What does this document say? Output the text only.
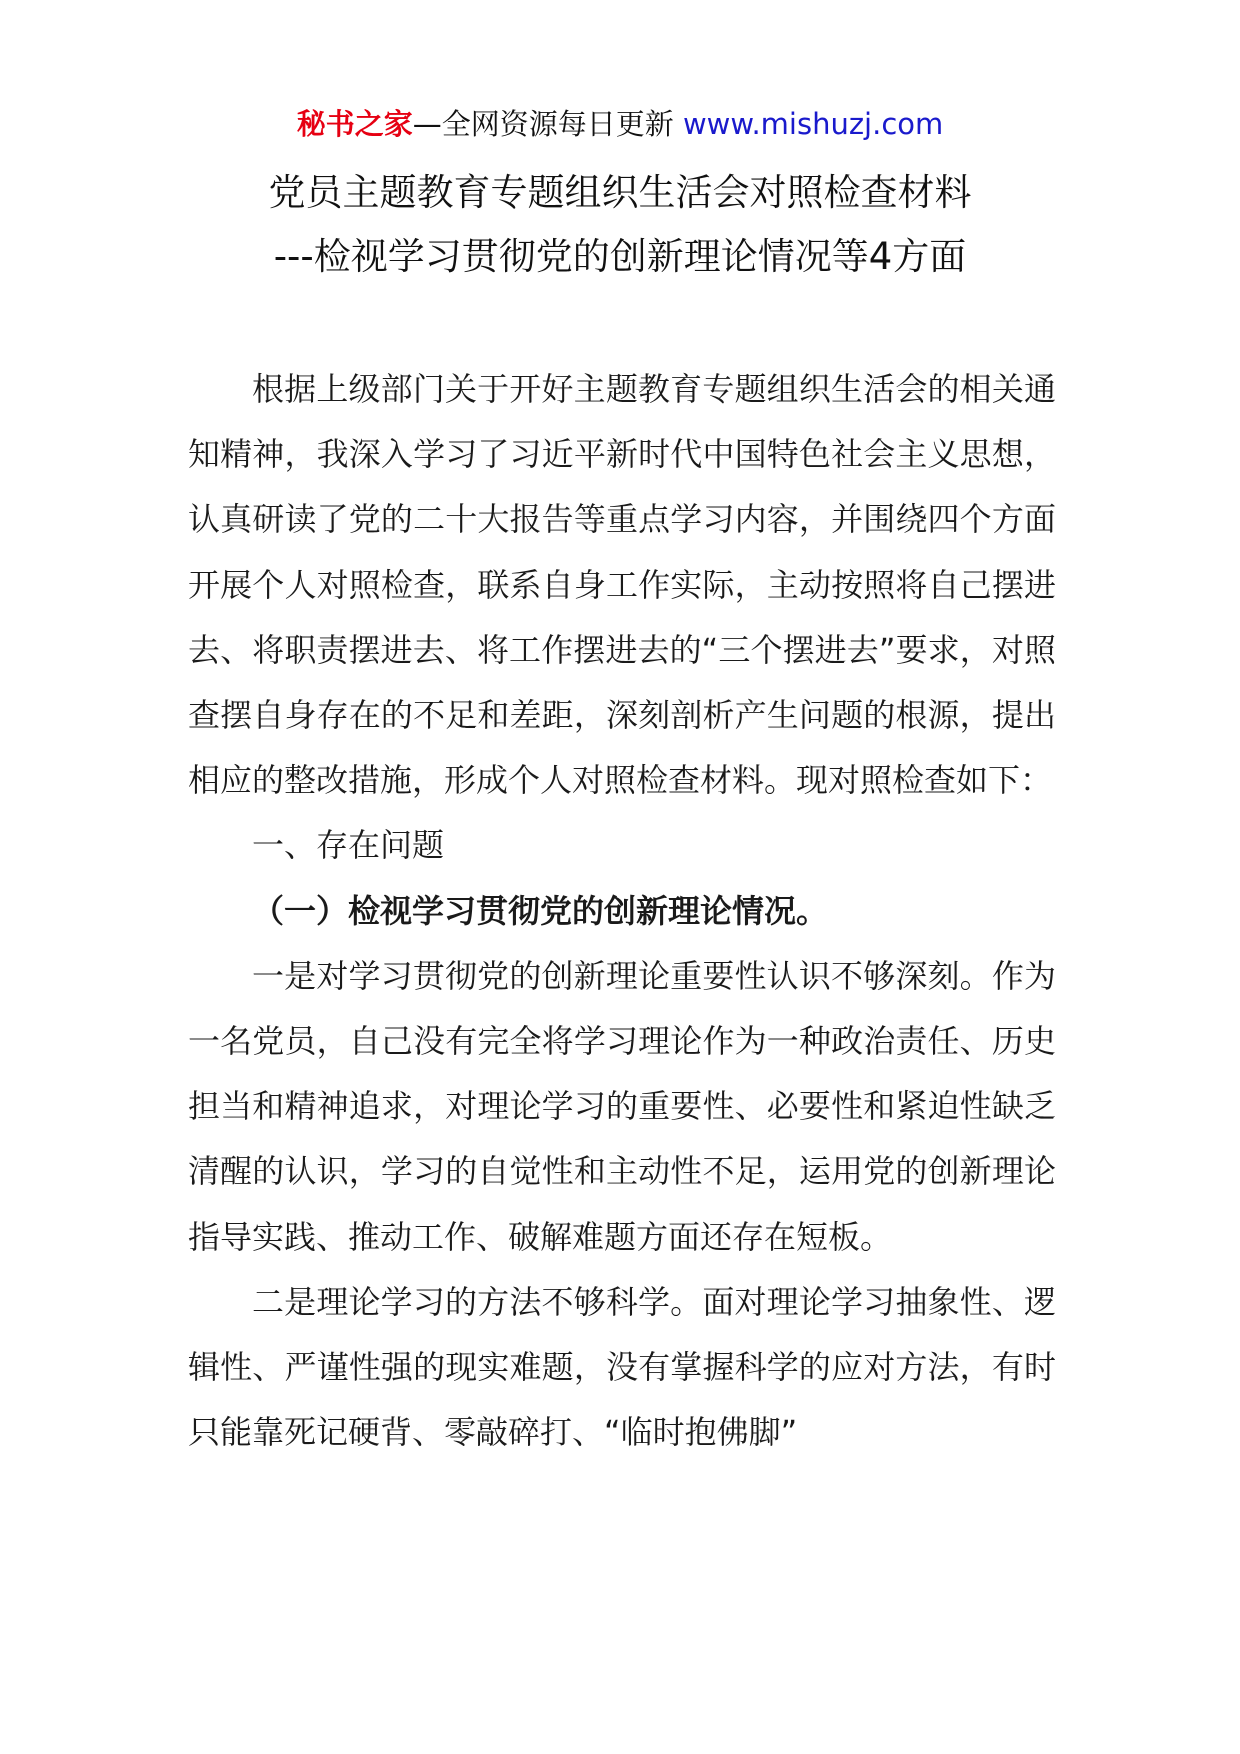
秘书之家—全网资源每日更新 www.mishuzj.com
党员主题教育专题组织生活会对照检查材料
---检视学习贯彻党的创新理论情况等4方面

根据上级部门关于开好主题教育专题组织生活会的相关通知精神，我深入学习了习近平新时代中国特色社会主义思想，认真研读了党的二十大报告等重点学习内容，并围绕四个方面开展个人对照检查，联系自身工作实际，主动按照将自己摆进去、将职责摆进去、将工作摆进去的“三个摆进去”要求，对照查摆自身存在的不足和差距，深刻剖析产生问题的根源，提出相应的整改措施，形成个人对照检查材料。现对照检查如下：

一、存在问题
（一）检视学习贯彻党的创新理论情况。

一是对学习贯彻党的创新理论重要性认识不够深刻。作为一名党员，自己没有完全将学习理论作为一种政治责任、历史担当和精神追求，对理论学习的重要性、必要性和紧迫性缺乏清醒的认识，学习的自觉性和主动性不足，运用党的创新理论指导实践、推动工作、破解难题方面还存在短板。

二是理论学习的方法不够科学。面对理论学习抽象性、逻辑性、严谨性强的现实难题，没有掌握科学的应对方法，有时只能靠死记硬背、零敲碎打、“临时抱佛脚”
